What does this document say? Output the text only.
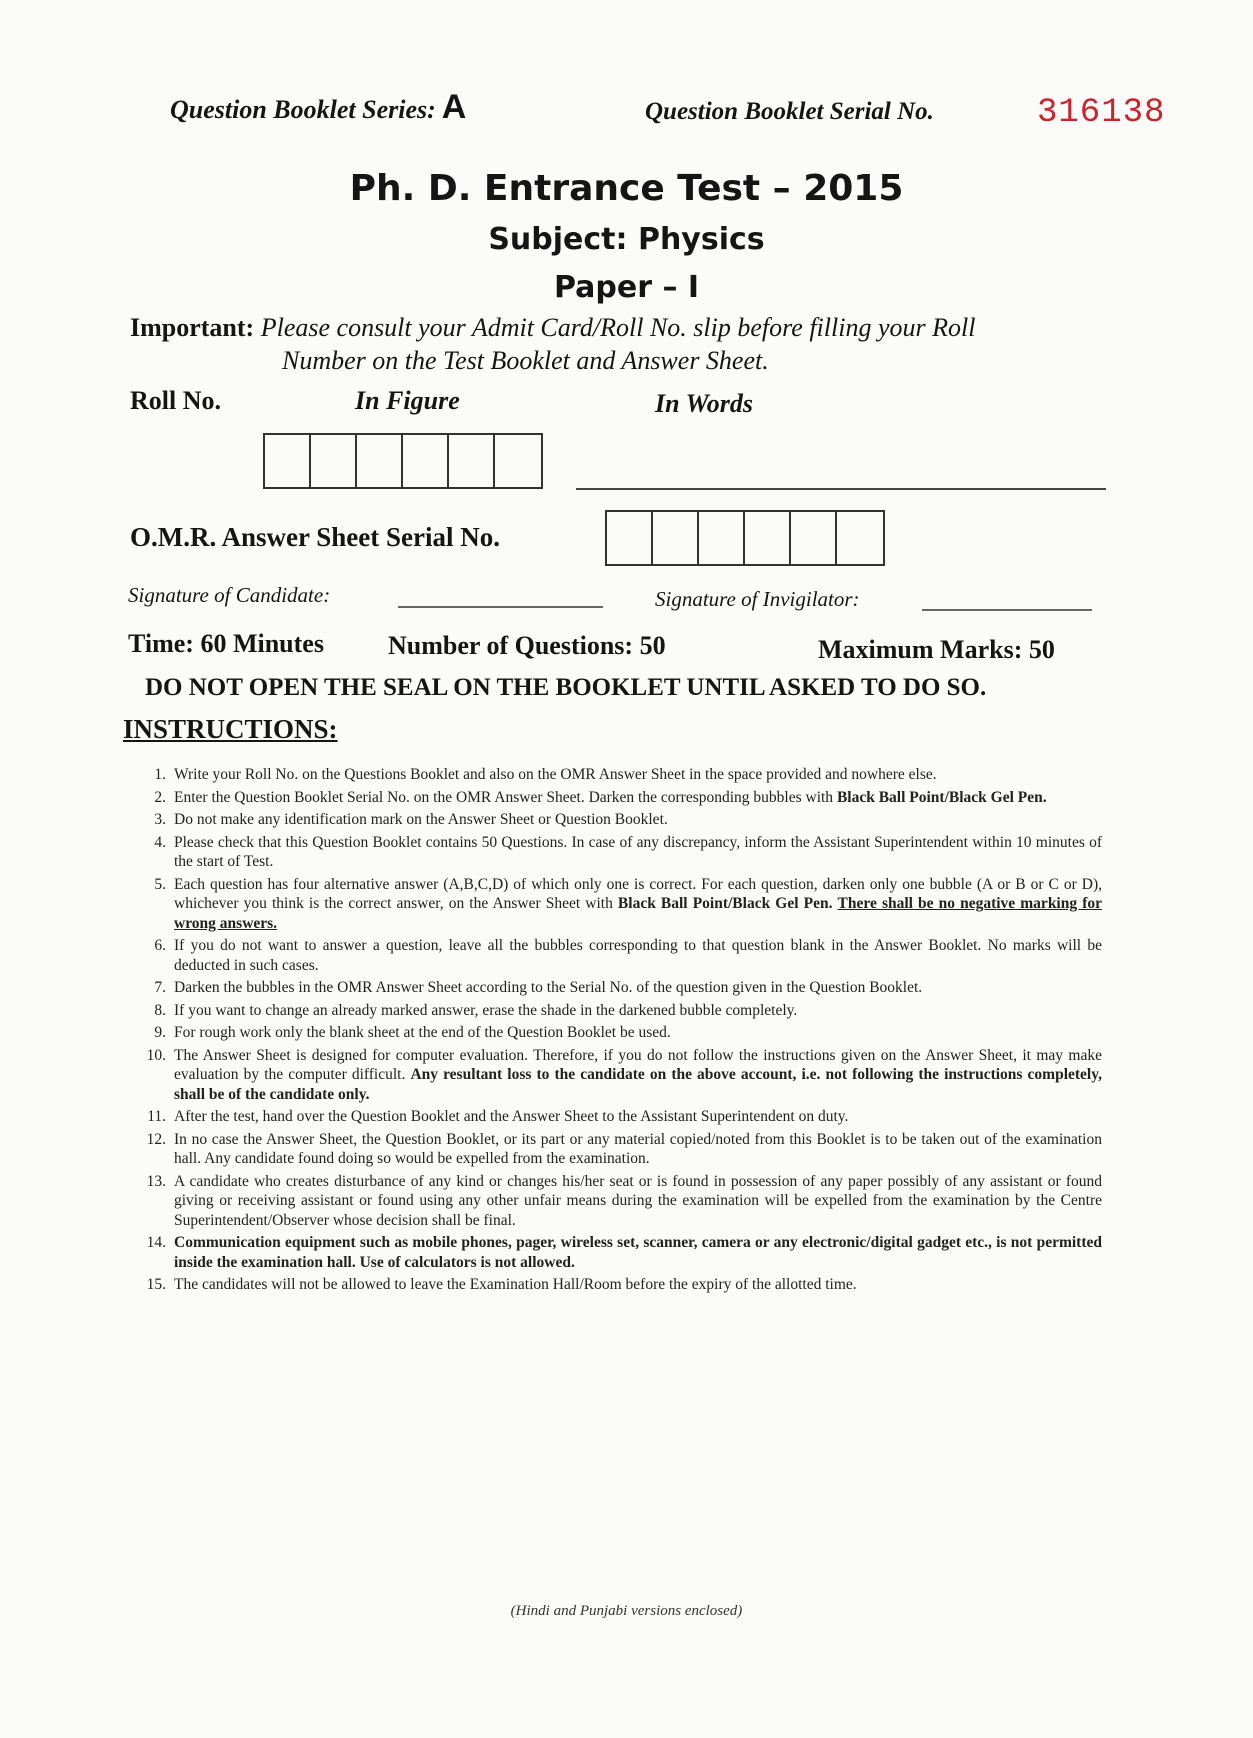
Question Booklet Series: A	Question Booklet Serial No.	316138
Ph. D. Entrance Test – 2015
Subject: Physics
Paper – I
Important: Please consult your Admit Card/Roll No. slip before filling your Roll
Number on the Test Booklet and Answer Sheet.
Roll No.	In Figure	In Words
O.M.R. Answer Sheet Serial No.
Signature of Candidate:	Signature of Invigilator:
Time: 60 Minutes Number of Questions: 50	Maximum Marks: 50
DO NOT OPEN THE SEAL ON THE BOOKLET UNTIL ASKED TO DO SO.
INSTRUCTIONS:
1. Write your Roll No. on the Questions Booklet and also on the OMR Answer Sheet in the space provided and nowhere else.
2. Enter the Question Booklet Serial No. on the OMR Answer Sheet. Darken the corresponding bubbles with Black Ball Point/Black Gel Pen.
3. Do not make any identification mark on the Answer Sheet or Question Booklet.
4. Please check that this Question Booklet contains 50 Questions. In case of any discrepancy, inform the Assistant Superintendent within 10 minutes of the start of Test.
5. Each question has four alternative answer (A,B,C,D) of which only one is correct. For each question, darken only one bubble (A or B or C or D), whichever you think is the correct answer, on the Answer Sheet with Black Ball Point/Black Gel Pen. There shall be no negative marking for wrong answers.
6. If you do not want to answer a question, leave all the bubbles corresponding to that question blank in the Answer Booklet. No marks will be deducted in such cases.
7. Darken the bubbles in the OMR Answer Sheet according to the Serial No. of the question given in the Question Booklet.
8. If you want to change an already marked answer, erase the shade in the darkened bubble completely.
9. For rough work only the blank sheet at the end of the Question Booklet be used.
10. The Answer Sheet is designed for computer evaluation. Therefore, if you do not follow the instructions given on the Answer Sheet, it may make evaluation by the computer difficult. Any resultant loss to the candidate on the above account, i.e. not following the instructions completely, shall be of the candidate only.
11. After the test, hand over the Question Booklet and the Answer Sheet to the Assistant Superintendent on duty.
12. In no case the Answer Sheet, the Question Booklet, or its part or any material copied/noted from this Booklet is to be taken out of the examination hall. Any candidate found doing so would be expelled from the examination.
13. A candidate who creates disturbance of any kind or changes his/her seat or is found in possession of any paper possibly of any assistant or found giving or receiving assistant or found using any other unfair means during the examination will be expelled from the examination by the Centre Superintendent/Observer whose decision shall be final.
14. Communication equipment such as mobile phones, pager, wireless set, scanner, camera or any electronic/digital gadget etc., is not permitted inside the examination hall. Use of calculators is not allowed.
15. The candidates will not be allowed to leave the Examination Hall/Room before the expiry of the allotted time.
(Hindi and Punjabi versions enclosed)
